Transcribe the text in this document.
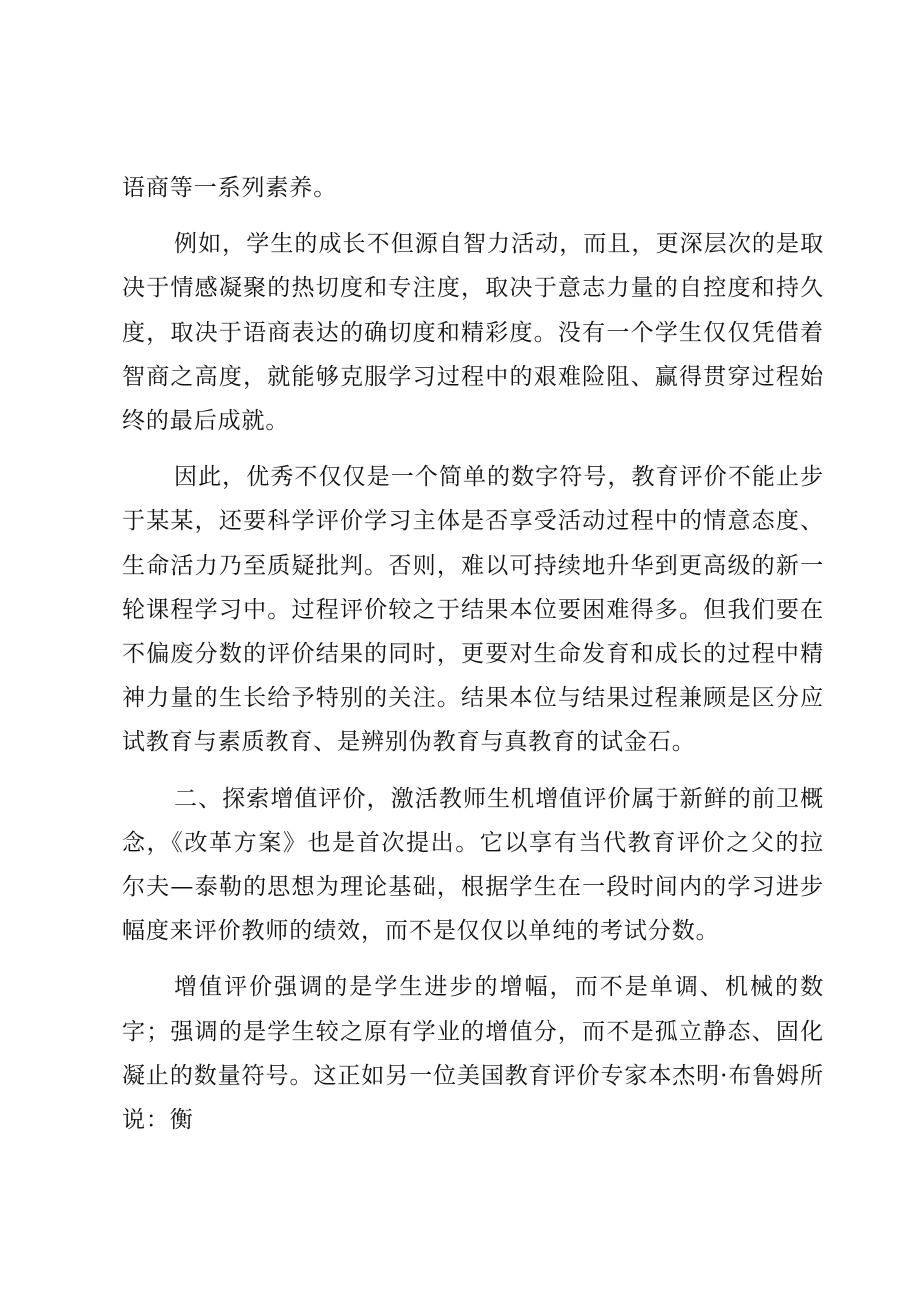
语商等一系列素养。

例如，学生的成长不但源自智力活动，而且，更深层次的是取决于情感凝聚的热切度和专注度，取决于意志力量的自控度和持久度，取决于语商表达的确切度和精彩度。没有一个学生仅仅凭借着智商之高度，就能够克服学习过程中的艰难险阻、赢得贯穿过程始终的最后成就。

因此，优秀不仅仅是一个简单的数字符号，教育评价不能止步于某某，还要科学评价学习主体是否享受活动过程中的情意态度、生命活力乃至质疑批判。否则，难以可持续地升华到更高级的新一轮课程学习中。过程评价较之于结果本位要困难得多。但我们要在不偏废分数的评价结果的同时，更要对生命发育和成长的过程中精神力量的生长给予特别的关注。结果本位与结果过程兼顾是区分应试教育与素质教育、是辨别伪教育与真教育的试金石。

二、探索增值评价，激活教师生机增值评价属于新鲜的前卫概念，《改革方案》也是首次提出。它以享有当代教育评价之父的拉尔夫—泰勒的思想为理论基础，根据学生在一段时间内的学习进步幅度来评价教师的绩效，而不是仅仅以单纯的考试分数。

增值评价强调的是学生进步的增幅，而不是单调、机械的数字；强调的是学生较之原有学业的增值分，而不是孤立静态、固化凝止的数量符号。这正如另一位美国教育评价专家本杰明·布鲁姆所说：衡
